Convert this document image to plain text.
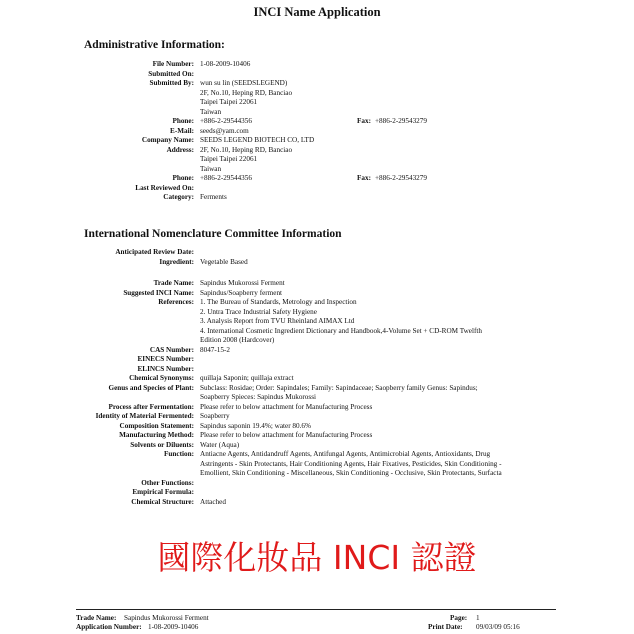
INCI Name Application
Administrative Information:
File Number: 1-08-2009-10406
Submitted On:
Submitted By: wun su lin (SEEDSLEGEND)
2F, No.10, Heping RD, Banciao
Taipei Taipei 22061
Taiwan
Phone: +886-2-29544356	Fax: +886-2-29543279
E-Mail: seeds@yam.com
Company Name: SEEDS LEGEND BIOTECH CO, LTD
Address: 2F, No.10, Heping RD, Banciao
Taipei Taipei 22061
Taiwan
Phone: +886-2-29544356	Fax: +886-2-29543279
Last Reviewed On:
Category: Ferments
International Nomenclature Committee Information
Anticipated Review Date:
Ingredient: Vegetable Based
Trade Name: Sapindus Mukorossi Ferment
Suggested INCI Name: Sapindus/Soapberry ferment
References: 1. The Bureau of Standards, Metrology and Inspection
2. Untra Trace Industrial Safety Hygiene
3. Analysis Report from TVU Rheinland AIMAX Ltd
4. International Cosmetic Ingredient Dictionary and Handbook,4-Volume Set + CD-ROM Twelfth
Edition 2008 (Hardcover)
CAS Number: 8047-15-2
EINECS Number:
ELINCS Number:
Chemical Synonyms: quillaja Saponin; quillaja extract
Genus and Species of Plant: Subclass: Rosidae; Order: Sapindales; Family: Sapindaceae; Saopberry family Genus: Sapindus;
Soapberry Spieces: Sapindus Mukorossi
Process after Fermentation: Please refer to below attachment for Manufacturing Process
Identity of Material Fermented: Soapberry
Composition Statement: Sapindus saponin 19.4%; water 80.6%
Manufacturing Method: Please refer to below attachment for Manufacturing Process
Solvents or Diluents: Water (Aqua)
Function: Antiacne Agents, Antidandruff Agents, Antifungal Agents, Antimicrobial Agents, Antioxidants, Drug
Astringents - Skin Protectants, Hair Conditioning Agents, Hair Fixatives, Pesticides, Skin Conditioning -
Emollient, Skin Conditioning - Miscellaneous, Skin Conditioning - Occlusive, Skin Protectants, Surfacta
Other Functions:
Empirical Formula:
Chemical Structure: Attached
國際化妝品 INCI 認證
Trade Name: Sapindus Mukorossi Ferment
Application Number: 1-08-2009-10406
Page: 1
Print Date: 09/03/09 05:16
